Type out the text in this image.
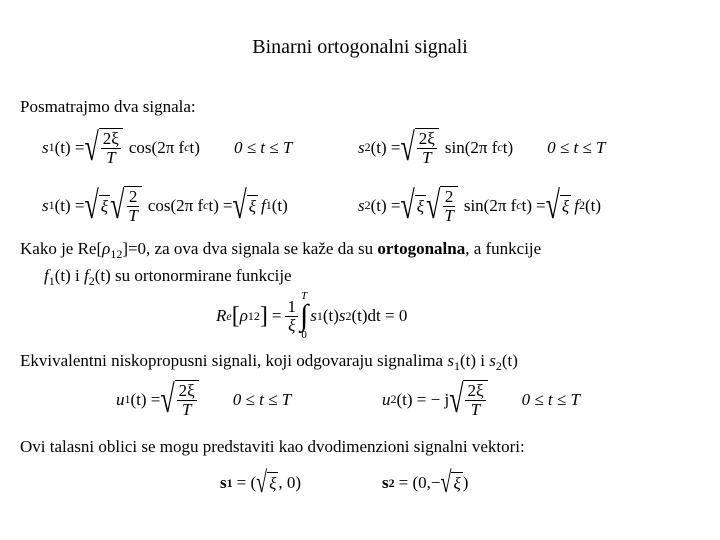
Binarni ortogonalni signali
Posmatrajmo dva signala:
s 1 (t) = √ $\frac{2\xi}{T} \cos(2\pi$ f c t) 0 ≤ t ≤ T	s 2 (t) = √ $\frac{2\xi}{T} \sin(2\pi$ f c t) 0 ≤ t ≤ T
s 1 (t) = √ ξ √ $\frac{2}{T} \cos(2\pi$ f c t) = √ ξ f 1 (t)	s 2 (t) = √ ξ √ $\frac{2}{T} \sin(2\pi$ f c t) = √ ξ f 2 (t)
Kako je $Re[\rho_{12}]=0$, za ova dva signala se kaže da su ortogonalna, a funkcije
$f_1(t)$ i $f_2(t)$ su ortonormirane funkcije
R e [ ρ 12 ] = $\frac{1}{\xi}$
T
∫
0
s 1 (t) s 2 (t)dt = 0
Ekvivalentni niskopropusni signali, koji odgovaraju signalima $s_1(t)$ i $s_2(t)$
u 1 (t) = √ $\frac{2\xi}{T} 0 \le t \le T$	u 2 (t) = − j √ $\frac{2\xi}{T} 0 \le t \le T$
Ovi talasni oblici se mogu predstaviti kao dvodimenzioni signalni vektori:
s 1 = ( √ ξ , 0)	s 2 = (0,− √ ξ )
